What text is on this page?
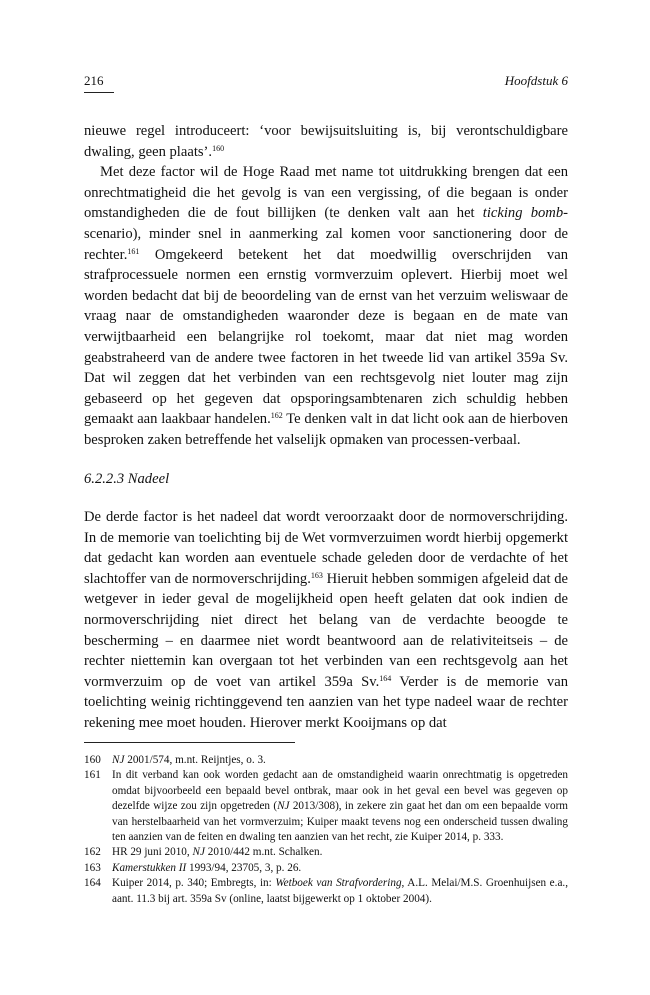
216	Hoofdstuk 6

nieuwe regel introduceert: ‘voor bewijsuitsluiting is, bij verontschuldigbare dwaling, geen plaats’.$^{160}$

Met deze factor wil de Hoge Raad met name tot uitdrukking brengen dat een onrechtmatigheid die het gevolg is van een vergissing, of die begaan is onder omstandigheden die de fout billijken (te denken valt aan het ticking bomb-scenario), minder snel in aanmerking zal komen voor sanctionering door de rechter.$^{161}$ Omgekeerd betekent het dat moedwillig overschrijden van strafprocessuele normen een ernstig vormverzuim oplevert. Hierbij moet wel worden bedacht dat bij de beoordeling van de ernst van het verzuim weliswaar de vraag naar de omstandigheden waaronder deze is begaan en de mate van verwijtbaarheid een belangrijke rol toekomt, maar dat niet mag worden geabstraheerd van de andere twee factoren in het tweede lid van artikel 359a Sv. Dat wil zeggen dat het verbinden van een rechtsgevolg niet louter mag zijn gebaseerd op het gegeven dat opsporingsambtenaren zich schuldig hebben gemaakt aan laakbaar handelen.$^{162}$ Te denken valt in dat licht ook aan de hierboven besproken zaken betreffende het valselijk opmaken van processen-verbaal.

6.2.2.3 Nadeel

De derde factor is het nadeel dat wordt veroorzaakt door de normoverschrijding. In de memorie van toelichting bij de Wet vormverzuimen wordt hierbij opgemerkt dat gedacht kan worden aan eventuele schade geleden door de verdachte of het slachtoffer van de normoverschrijding.$^{163}$ Hieruit hebben sommigen afgeleid dat de wetgever in ieder geval de mogelijkheid open heeft gelaten dat ook indien de normoverschrijding niet direct het belang van de verdachte beoogde te bescherming – en daarmee niet wordt beantwoord aan de relativiteitseis – de rechter niettemin kan overgaan tot het verbinden van een rechtsgevolg aan het vormverzuim op de voet van artikel 359a Sv.$^{164}$ Verder is de memorie van toelichting weinig richtinggevend ten aanzien van het type nadeel waar de rechter rekening mee moet houden. Hierover merkt Kooijmans op dat

160 NJ 2001/574, m.nt. Reijntjes, o. 3.
161 In dit verband kan ook worden gedacht aan de omstandigheid waarin onrechtmatig is opgetreden omdat bijvoorbeeld een bepaald bevel ontbrak, maar ook in het geval een bevel was gegeven op dezelfde wijze zou zijn opgetreden (NJ 2013/308), in zekere zin gaat het dan om een bepaalde vorm van herstelbaarheid van het vormverzuim; Kuiper maakt tevens nog een onderscheid tussen dwaling ten aanzien van de feiten en dwaling ten aanzien van het recht, zie Kuiper 2014, p. 333.
162 HR 29 juni 2010, NJ 2010/442 m.nt. Schalken.
163 Kamerstukken II 1993/94, 23705, 3, p. 26.
164 Kuiper 2014, p. 340; Embregts, in: Wetboek van Strafvordering, A.L. Melai/M.S. Groenhuijsen e.a., aant. 11.3 bij art. 359a Sv (online, laatst bijgewerkt op 1 oktober 2004).
